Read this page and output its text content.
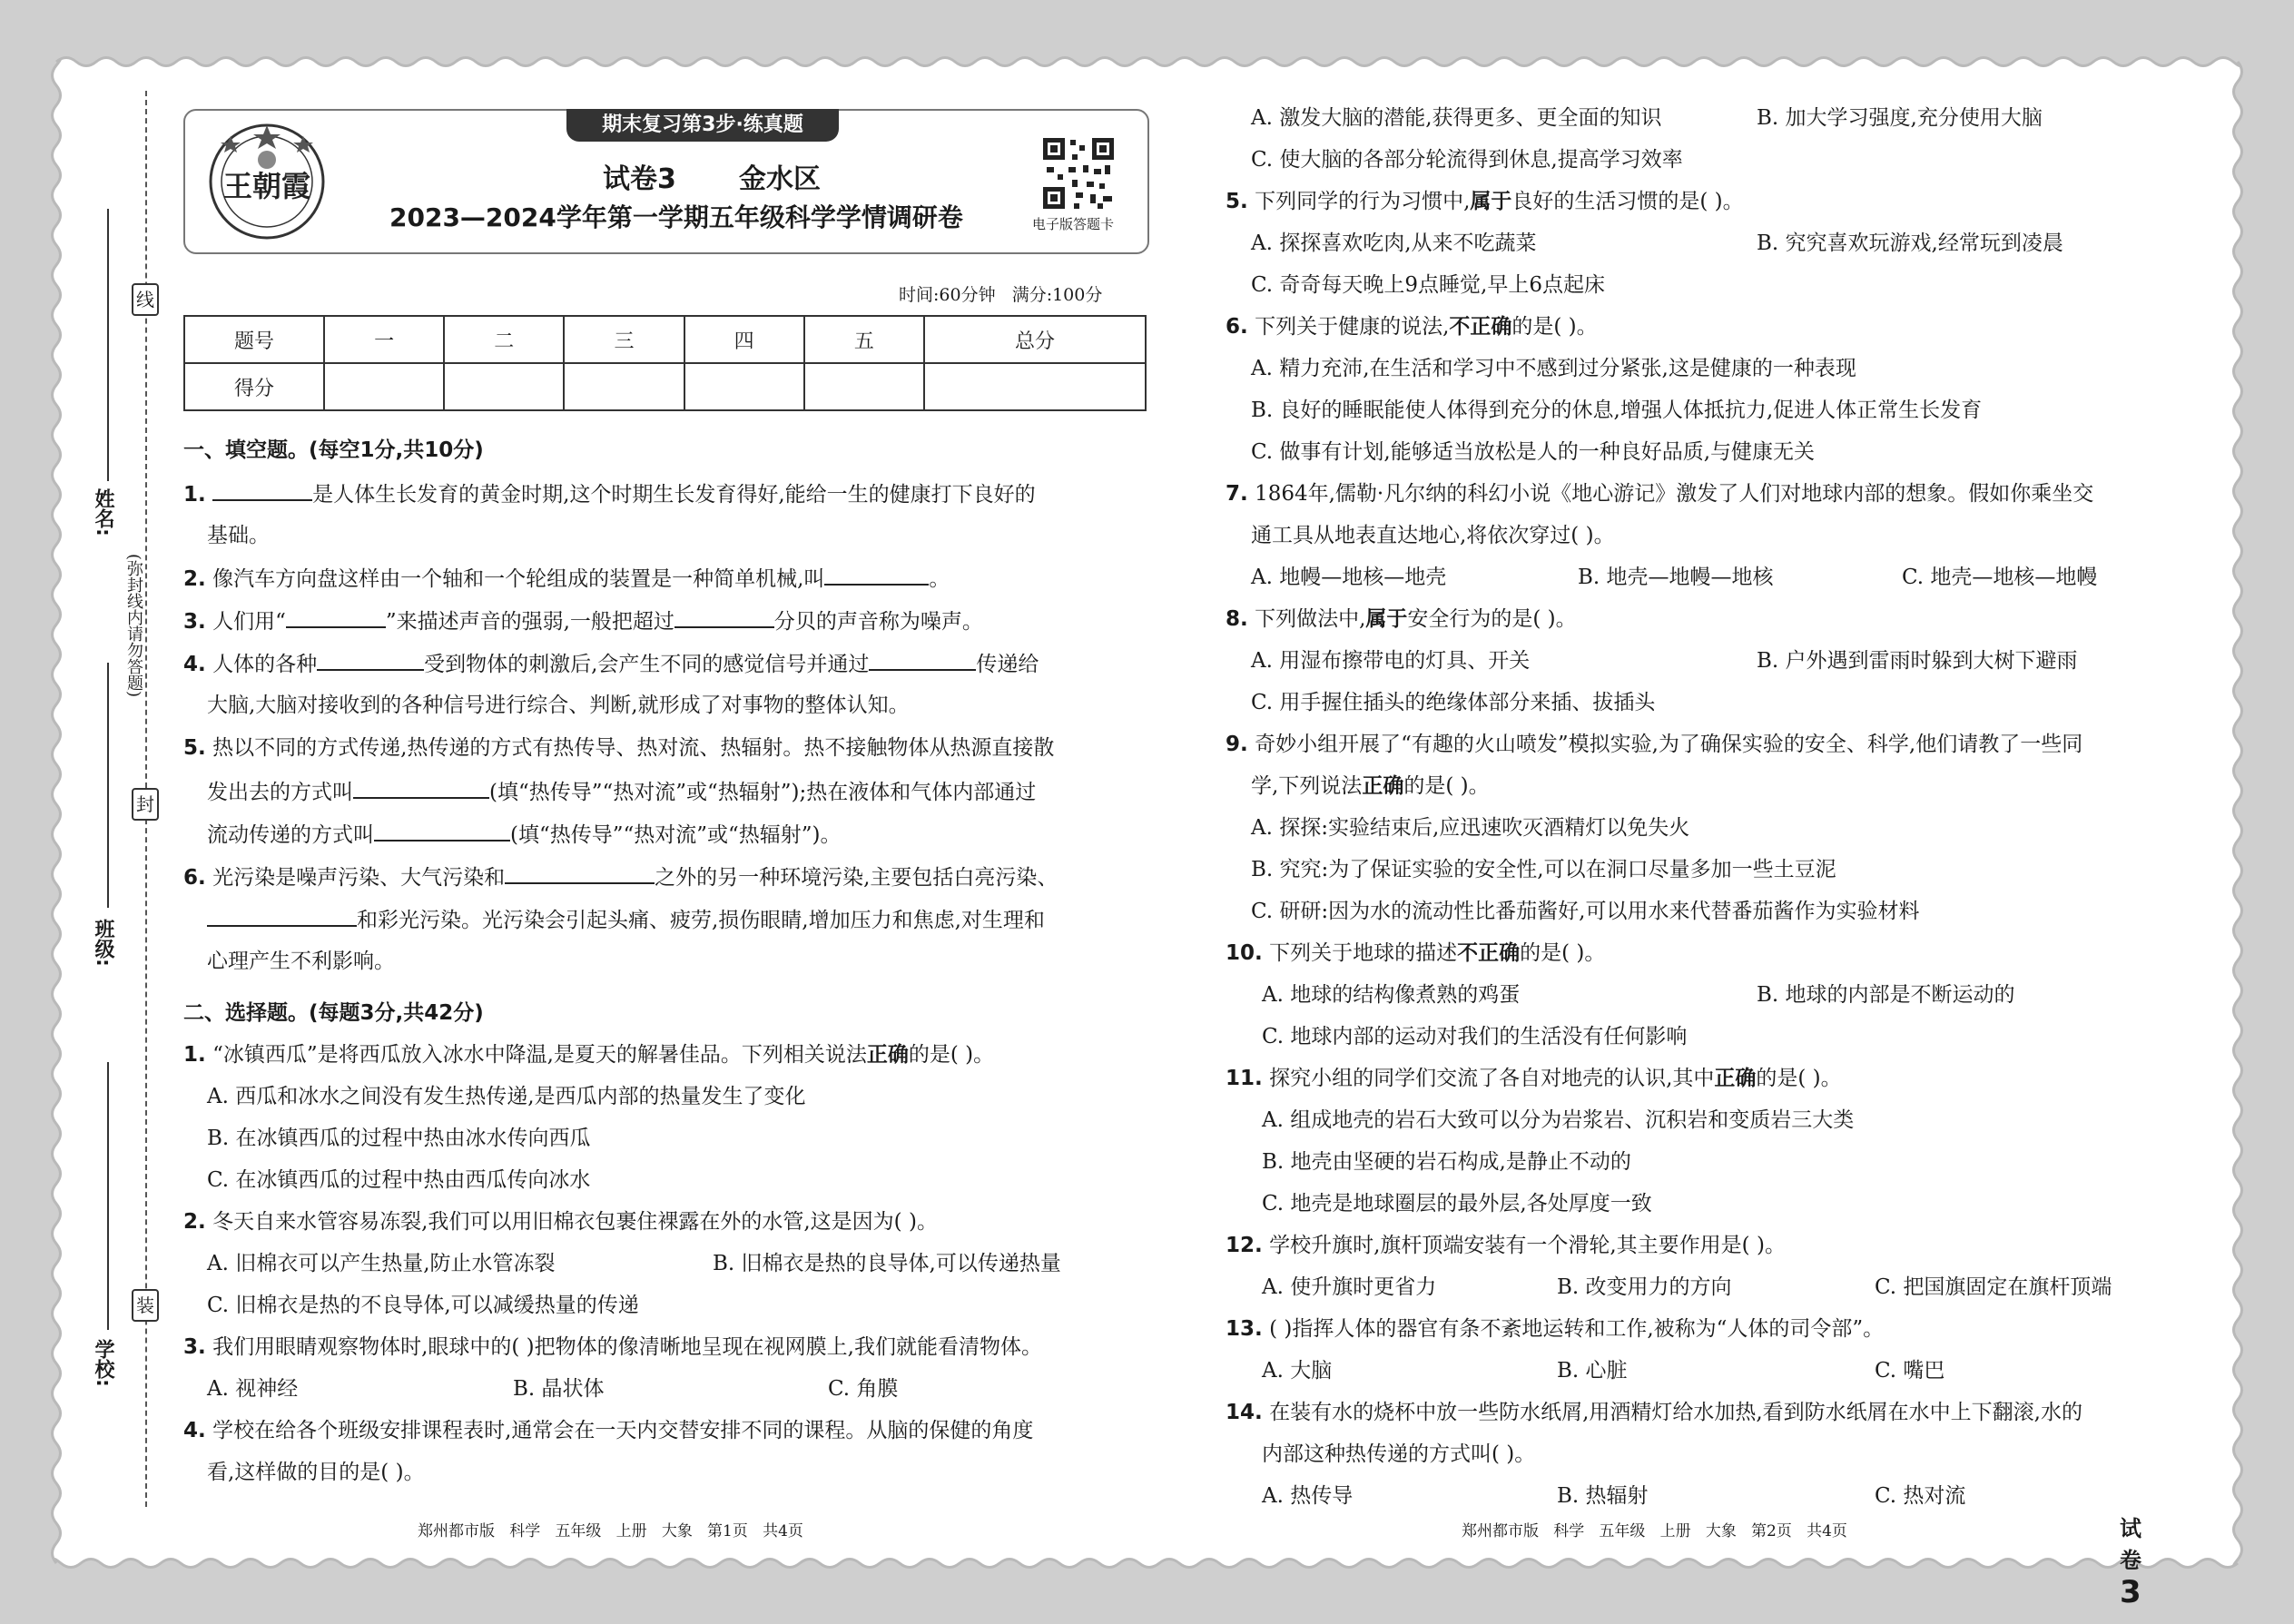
线
封
装
(弥封线内请勿答题)
姓名:
班级:
学校:
王朝霞
期末复习第3步·练真题
试卷3 金水区
2023—2024学年第一学期五年级科学学情调研卷	电子版答题卡
时间:60分钟   满分:100分
题号	一	二	三	四	五	总分
得分						
一、填空题。(每空1分,共10分)
1.	是人体生长发育的黄金时期,这个时期生长发育得好,能给一生的健康打下良好的
基础。
2. 像汽车方向盘这样由一个轴和一个轮组成的装置是一种简单机械,叫	。
3. 人们用“	”来描述声音的强弱,一般把超过	分贝的声音称为噪声。
4. 人体的各种	受到物体的刺激后,会产生不同的感觉信号并通过	传递给
大脑,大脑对接收到的各种信号进行综合、判断,就形成了对事物的整体认知。
5. 热以不同的方式传递,热传递的方式有热传导、热对流、热辐射。热不接触物体从热源直接散
发出去的方式叫	(填“热传导”“热对流”或“热辐射”);热在液体和气体内部通过
流动传递的方式叫	(填“热传导”“热对流”或“热辐射”)。
6. 光污染是噪声污染、大气污染和	之外的另一种环境污染,主要包括白亮污染、
和彩光污染。光污染会引起头痛、疲劳,损伤眼睛,增加压力和焦虑,对生理和
心理产生不利影响。
二、选择题。(每题3分,共42分)
1. “冰镇西瓜”是将西瓜放入冰水中降温,是夏天的解暑佳品。下列相关说法正确的是( )。
A. 西瓜和冰水之间没有发生热传递,是西瓜内部的热量发生了变化
B. 在冰镇西瓜的过程中热由冰水传向西瓜
C. 在冰镇西瓜的过程中热由西瓜传向冰水
2. 冬天自来水管容易冻裂,我们可以用旧棉衣包裹住裸露在外的水管,这是因为( )。
A. 旧棉衣可以产生热量,防止水管冻裂	B. 旧棉衣是热的良导体,可以传递热量
C. 旧棉衣是热的不良导体,可以减缓热量的传递
3. 我们用眼睛观察物体时,眼球中的( )把物体的像清晰地呈现在视网膜上,我们就能看清物体。
A. 视神经	B. 晶状体	C. 角膜
4. 学校在给各个班级安排课程表时,通常会在一天内交替安排不同的课程。从脑的保健的角度
看,这样做的目的是( )。
郑州都市版   科学   五年级   上册   大象   第1页   共4页
A. 激发大脑的潜能,获得更多、更全面的知识	B. 加大学习强度,充分使用大脑
C. 使大脑的各部分轮流得到休息,提高学习效率
5. 下列同学的行为习惯中,属于良好的生活习惯的是( )。
A. 探探喜欢吃肉,从来不吃蔬菜	B. 究究喜欢玩游戏,经常玩到凌晨
C. 奇奇每天晚上9点睡觉,早上6点起床
6. 下列关于健康的说法,不正确的是( )。
A. 精力充沛,在生活和学习中不感到过分紧张,这是健康的一种表现
B. 良好的睡眠能使人体得到充分的休息,增强人体抵抗力,促进人体正常生长发育
C. 做事有计划,能够适当放松是人的一种良好品质,与健康无关
7. 1864年,儒勒·凡尔纳的科幻小说《地心游记》激发了人们对地球内部的想象。假如你乘坐交
通工具从地表直达地心,将依次穿过( )。
A. 地幔—地核—地壳	B. 地壳—地幔—地核	C. 地壳—地核—地幔
8. 下列做法中,属于安全行为的是( )。
A. 用湿布擦带电的灯具、开关	B. 户外遇到雷雨时躲到大树下避雨
C. 用手握住插头的绝缘体部分来插、拔插头
9. 奇妙小组开展了“有趣的火山喷发”模拟实验,为了确保实验的安全、科学,他们请教了一些同
学,下列说法正确的是( )。
A. 探探:实验结束后,应迅速吹灭酒精灯以免失火
B. 究究:为了保证实验的安全性,可以在洞口尽量多加一些土豆泥
C. 研研:因为水的流动性比番茄酱好,可以用水来代替番茄酱作为实验材料
10. 下列关于地球的描述不正确的是( )。
A. 地球的结构像煮熟的鸡蛋	B. 地球的内部是不断运动的
C. 地球内部的运动对我们的生活没有任何影响
11. 探究小组的同学们交流了各自对地壳的认识,其中正确的是( )。
A. 组成地壳的岩石大致可以分为岩浆岩、沉积岩和变质岩三大类
B. 地壳由坚硬的岩石构成,是静止不动的
C. 地壳是地球圈层的最外层,各处厚度一致
12. 学校升旗时,旗杆顶端安装有一个滑轮,其主要作用是( )。
A. 使升旗时更省力	B. 改变用力的方向	C. 把国旗固定在旗杆顶端
13. ( )指挥人体的器官有条不紊地运转和工作,被称为“人体的司令部”。
A. 大脑	B. 心脏	C. 嘴巴
14. 在装有水的烧杯中放一些防水纸屑,用酒精灯给水加热,看到防水纸屑在水中上下翻滚,水的
内部这种热传递的方式叫( )。
A. 热传导	B. 热辐射	C. 热对流
郑州都市版   科学   五年级   上册   大象   第2页   共4页	试卷3
